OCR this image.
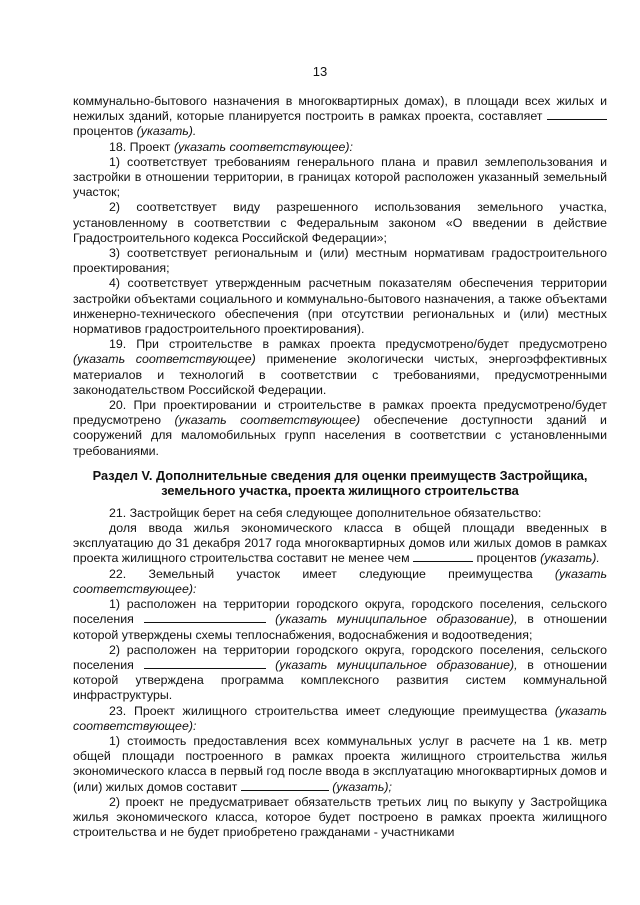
13

коммунально-бытового назначения в многоквартирных домах), в площади всех жилых и нежилых зданий, которые планируется построить в рамках проекта, составляет  процентов (указать).

18. Проект (указать соответствующее):

1) соответствует требованиям генерального плана и правил землепользования и застройки в отношении территории, в границах которой расположен указанный земельный участок;

2) соответствует виду разрешенного использования земельного участка, установленному в соответствии с Федеральным законом «О введении в действие Градостроительного кодекса Российской Федерации»;

3) соответствует региональным и (или) местным нормативам градостроительного проектирования;

4) соответствует утвержденным расчетным показателям обеспечения территории застройки объектами социального и коммунально-бытового назначения, а также объектами инженерно-технического обеспечения (при отсутствии региональных и (или) местных нормативов градостроительного проектирования).

19. При строительстве в рамках проекта предусмотрено/будет предусмотрено (указать соответствующее) применение экологически чистых, энергоэффективных материалов и технологий в соответствии с требованиями, предусмотренными законодательством Российской Федерации.

20. При проектировании и строительстве в рамках проекта предусмотрено/будет предусмотрено (указать соответствующее) обеспечение доступности зданий и сооружений для маломобильных групп населения в соответствии с установленными требованиями.

Раздел V. Дополнительные сведения для оценки преимуществ Застройщика, земельного участка, проекта жилищного строительства

21. Застройщик берет на себя следующее дополнительное обязательство:

доля ввода жилья экономического класса в общей площади введенных в эксплуатацию до 31 декабря 2017 года многоквартирных домов или жилых домов в рамках проекта жилищного строительства составит не менее чем	процентов (указать).

22. Земельный участок имеет следующие преимущества (указать

соответствующее):

1) расположен на территории городского округа, городского поселения, сельского поселения	(указать муниципальное образование), в отношении которой утверждены схемы теплоснабжения, водоснабжения и водоотведения;

2) расположен на территории городского округа, городского поселения, сельского поселения	(указать муниципальное образование), в отношении которой утверждена программа комплексного развития систем коммунальной инфраструктуры.

23. Проект жилищного строительства имеет следующие преимущества (указать соответствующее):

1) стоимость предоставления всех коммунальных услуг в расчете на 1 кв. метр общей площади построенного в рамках проекта жилищного строительства жилья экономического класса в первый год после ввода в эксплуатацию многоквартирных домов и (или) жилых домов составит	(указать);

2) проект не предусматривает обязательств третьих лиц по выкупу у Застройщика жилья экономического класса, которое будет построено в рамках проекта жилищного строительства и не будет приобретено гражданами - участниками
